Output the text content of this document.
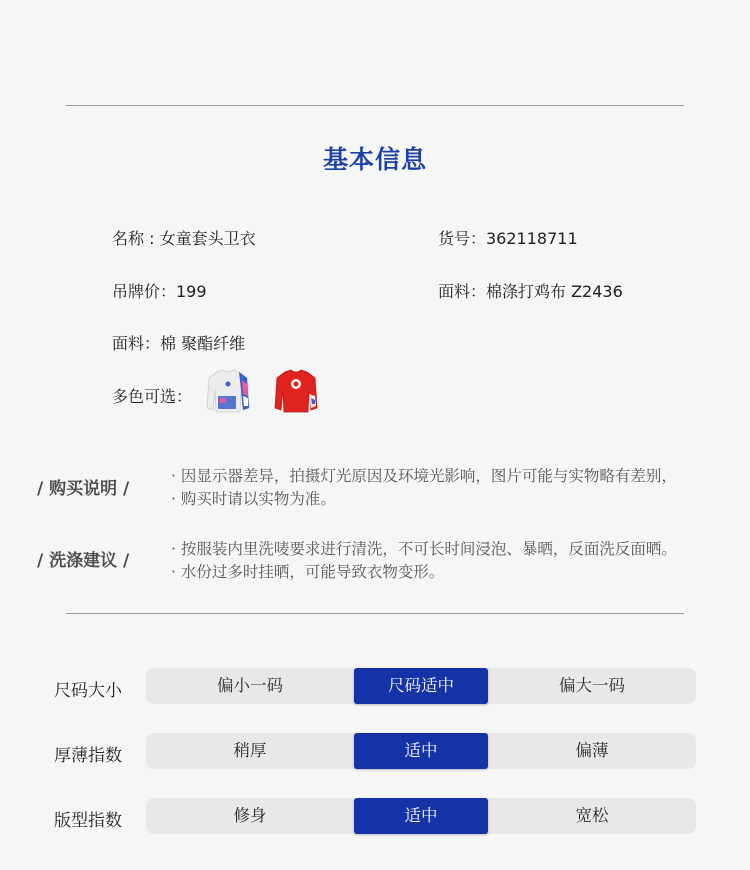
基本信息
名称 : 女童套头卫衣	货号：362118711
吊牌价：199	面料：棉涤打鸡布 Z2436
面料：棉 聚酯纤维
多色可选：
/ 购买说明 /
· 因显示器差异，拍摄灯光原因及环境光影响，图片可能与实物略有差别，
· 购买时请以实物为准。
/ 洗涤建议 /
· 按服装内里洗唛要求进行清洗，不可长时间浸泡、暴晒，反面洗反面晒。
· 水份过多时挂晒，可能导致衣物变形。
尺码大小	偏小一码	尺码适中	偏大一码
厚薄指数	稍厚	适中	偏薄
版型指数	修身	适中	宽松
